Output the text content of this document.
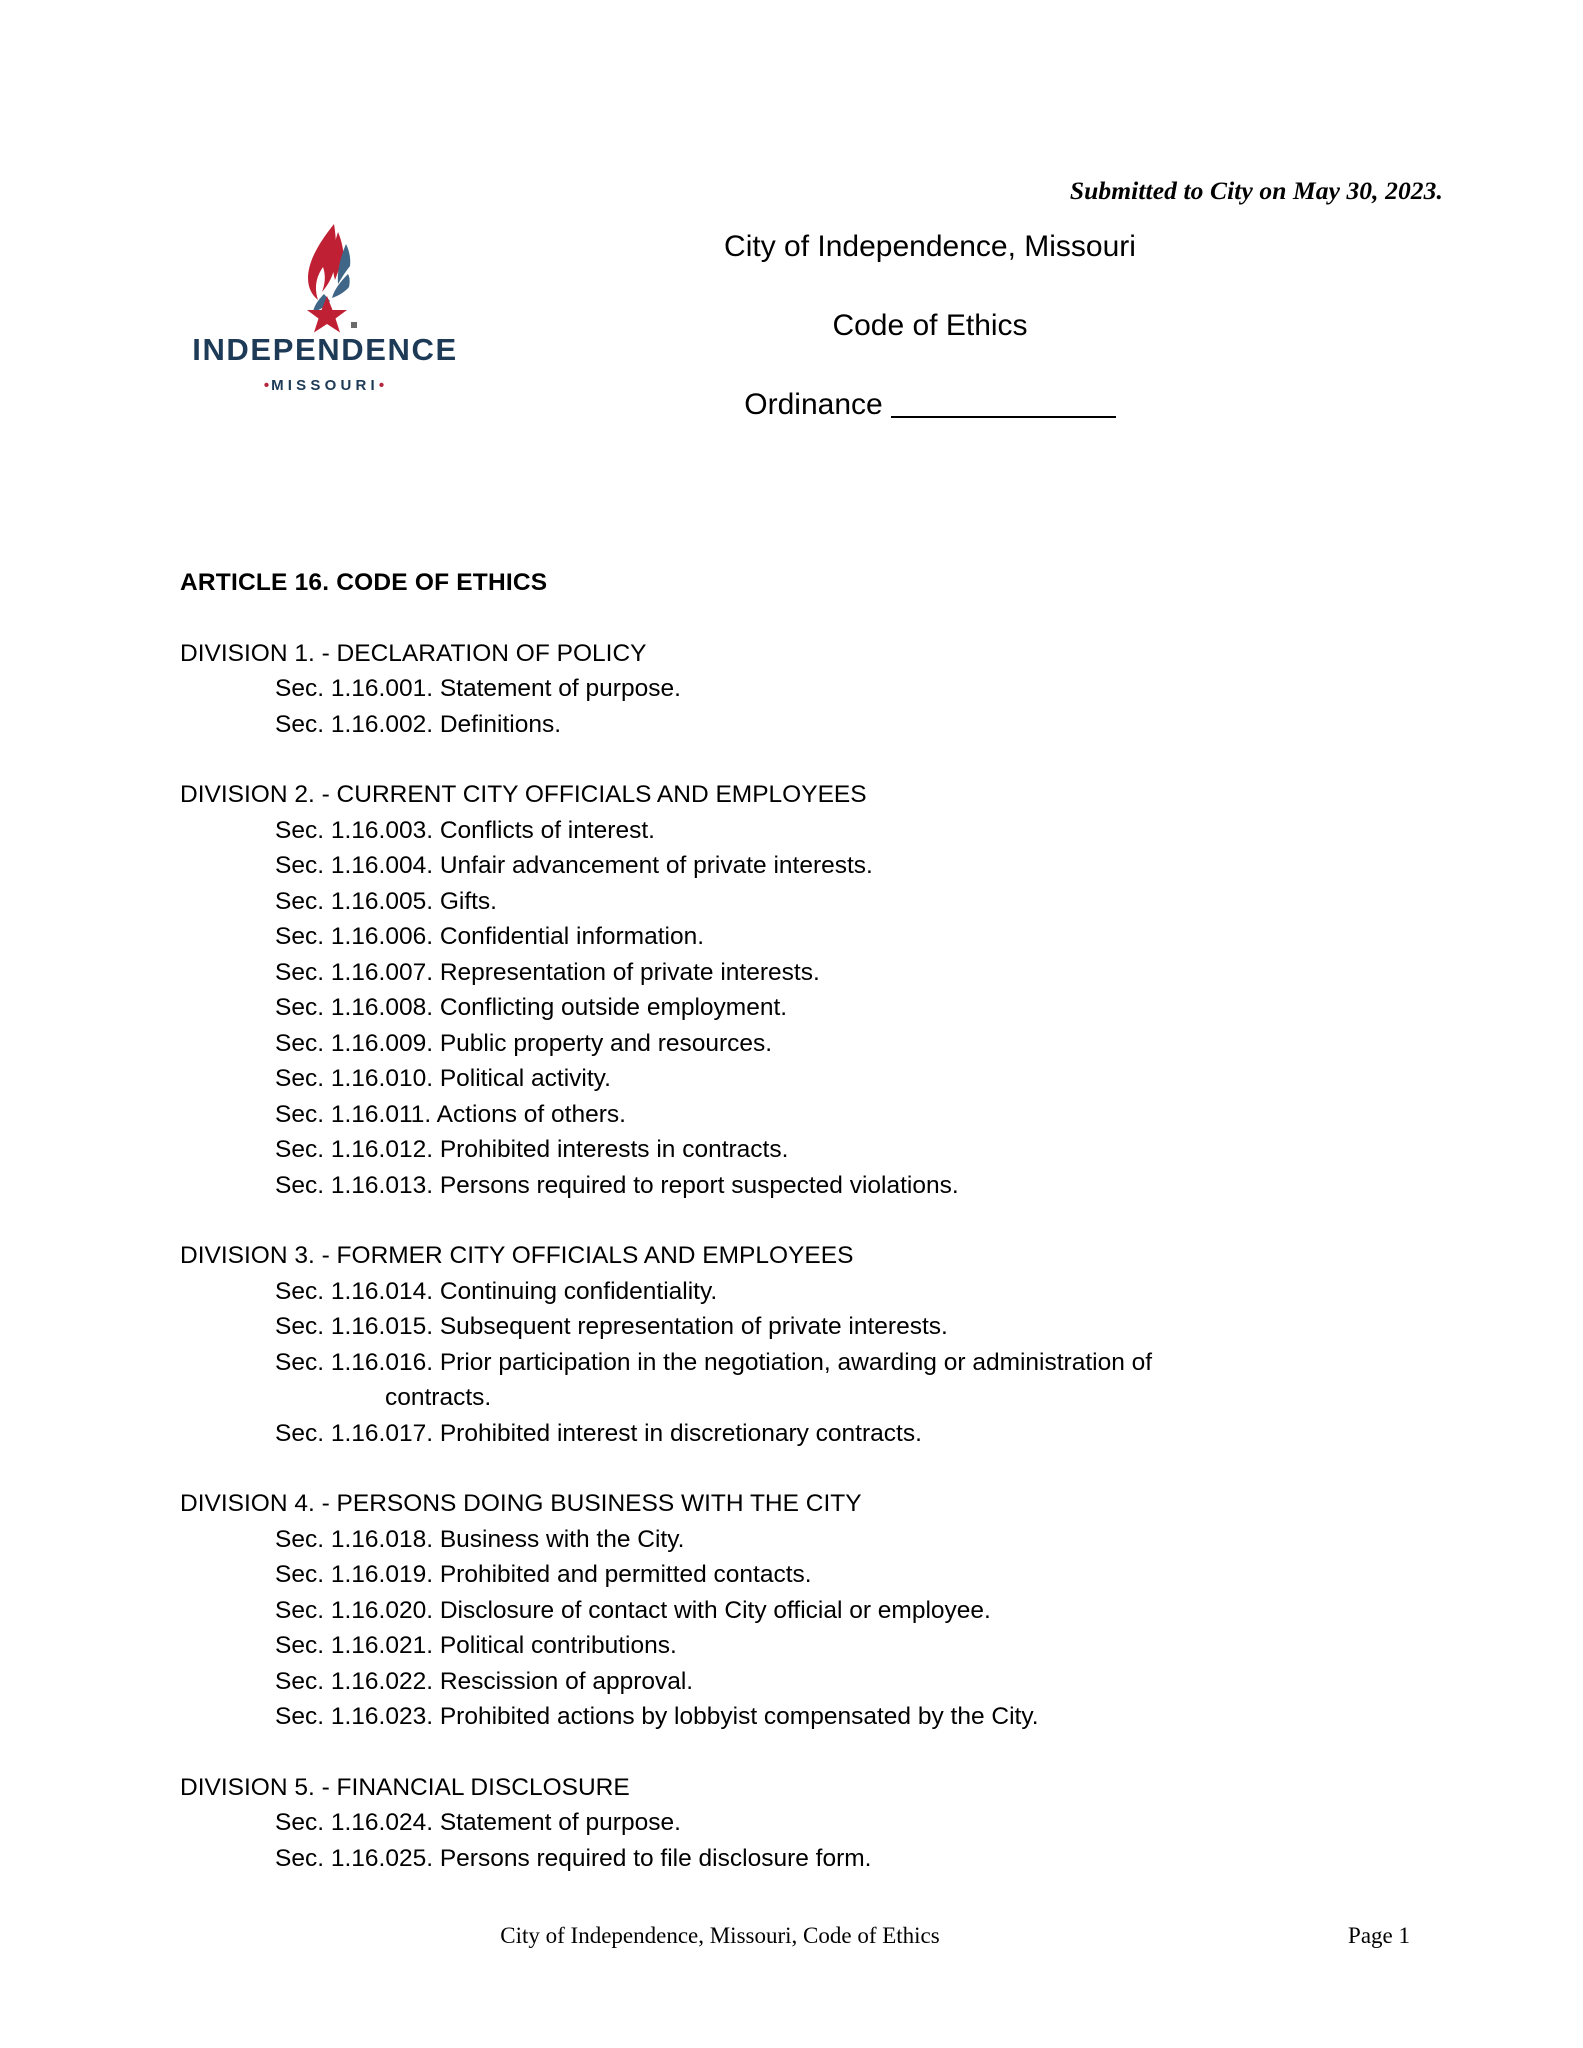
Submitted to City on May 30, 2023.
INDEPENDENCE
•MISSOURI•
City of Independence, Missouri
Code of Ethics
Ordinance
ARTICLE 16. CODE OF ETHICS
DIVISION 1. - DECLARATION OF POLICY
Sec. 1.16.001. Statement of purpose.
Sec. 1.16.002. Definitions.
DIVISION 2. - CURRENT CITY OFFICIALS AND EMPLOYEES
Sec. 1.16.003. Conflicts of interest.
Sec. 1.16.004. Unfair advancement of private interests.
Sec. 1.16.005. Gifts.
Sec. 1.16.006. Confidential information.
Sec. 1.16.007. Representation of private interests.
Sec. 1.16.008. Conflicting outside employment.
Sec. 1.16.009. Public property and resources.
Sec. 1.16.010. Political activity.
Sec. 1.16.011. Actions of others.
Sec. 1.16.012. Prohibited interests in contracts.
Sec. 1.16.013. Persons required to report suspected violations.
DIVISION 3. - FORMER CITY OFFICIALS AND EMPLOYEES
Sec. 1.16.014. Continuing confidentiality.
Sec. 1.16.015. Subsequent representation of private interests.
Sec. 1.16.016. Prior participation in the negotiation, awarding or administration of
contracts.
Sec. 1.16.017. Prohibited interest in discretionary contracts.
DIVISION 4. - PERSONS DOING BUSINESS WITH THE CITY
Sec. 1.16.018. Business with the City.
Sec. 1.16.019. Prohibited and permitted contacts.
Sec. 1.16.020. Disclosure of contact with City official or employee.
Sec. 1.16.021. Political contributions.
Sec. 1.16.022. Rescission of approval.
Sec. 1.16.023. Prohibited actions by lobbyist compensated by the City.
DIVISION 5. - FINANCIAL DISCLOSURE
Sec. 1.16.024. Statement of purpose.
Sec. 1.16.025. Persons required to file disclosure form.
City of Independence, Missouri, Code of Ethics	Page 1
